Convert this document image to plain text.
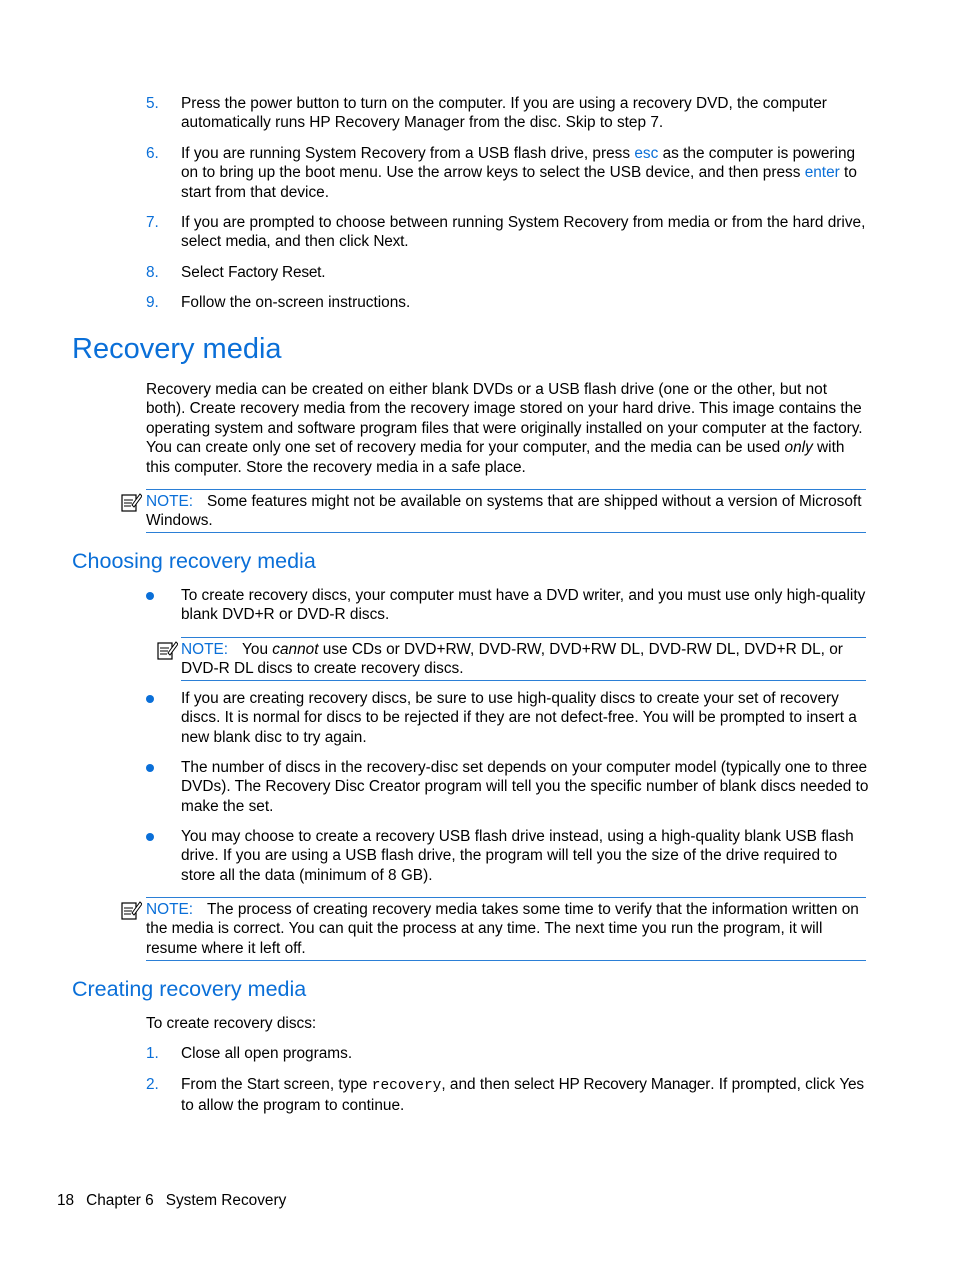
5. Press the power button to turn on the computer. If you are using a recovery DVD, the computer automatically runs HP Recovery Manager from the disc. Skip to step 7.
6. If you are running System Recovery from a USB flash drive, press esc as the computer is powering on to bring up the boot menu. Use the arrow keys to select the USB device, and then press enter to start from that device.
7. If you are prompted to choose between running System Recovery from media or from the hard drive, select media, and then click Next.
8. Select Factory Reset.
9. Follow the on-screen instructions.
Recovery media
Recovery media can be created on either blank DVDs or a USB flash drive (one or the other, but not both). Create recovery media from the recovery image stored on your hard drive. This image contains the operating system and software program files that were originally installed on your computer at the factory. You can create only one set of recovery media for your computer, and the media can be used only with this computer. Store the recovery media in a safe place.
NOTE: Some features might not be available on systems that are shipped without a version of Microsoft Windows.
Choosing recovery media
To create recovery discs, your computer must have a DVD writer, and you must use only high-quality blank DVD+R or DVD-R discs.
NOTE: You cannot use CDs or DVD+RW, DVD-RW, DVD+RW DL, DVD-RW DL, DVD+R DL, or DVD-R DL discs to create recovery discs.
If you are creating recovery discs, be sure to use high-quality discs to create your set of recovery discs. It is normal for discs to be rejected if they are not defect-free. You will be prompted to insert a new blank disc to try again.
The number of discs in the recovery-disc set depends on your computer model (typically one to three DVDs). The Recovery Disc Creator program will tell you the specific number of blank discs needed to make the set.
You may choose to create a recovery USB flash drive instead, using a high-quality blank USB flash drive. If you are using a USB flash drive, the program will tell you the size of the drive required to store all the data (minimum of 8 GB).
NOTE: The process of creating recovery media takes some time to verify that the information written on the media is correct. You can quit the process at any time. The next time you run the program, it will resume where it left off.
Creating recovery media
To create recovery discs:
1. Close all open programs.
2. From the Start screen, type recovery, and then select HP Recovery Manager. If prompted, click Yes to allow the program to continue.
18 Chapter 6 System Recovery
